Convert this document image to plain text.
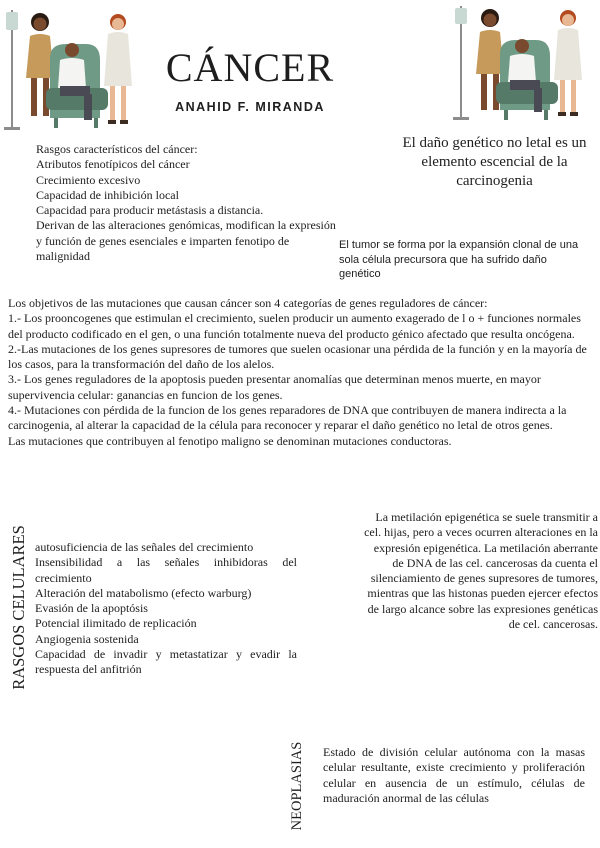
CÁNCER
ANAHID F. MIRANDA

Rasgos característicos del cáncer:

Atributos fenotípicos del cáncer

Crecimiento excesivo

Capacidad de inhibición local

Capacidad para producir metástasis a distancia.

Derivan de las alteraciones genómicas, modifican la expresión y función de genes esenciales e imparten fenotipo de malignidad

El daño genético no letal es un elemento escencial de la carcinogenia
El tumor se forma por la expansión clonal de una sola célula precursora que ha sufrido daño genético

Los objetivos de las mutaciones que causan cáncer son 4 categorías de genes reguladores de cáncer:

1.- Los prooncogenes que estimulan el crecimiento, suelen producir un aumento exagerado de l o + funciones normales del producto codificado en el gen, o una función totalmente nueva del producto génico afectado que resulta oncógena.

2.-Las mutaciones de los genes supresores de tumores que suelen ocasionar una pérdida de la función y en la mayoría de los casos, para la transformación del daño de los alelos.

3.- Los genes reguladores de la apoptosis pueden presentar anomalías que determinan menos muerte, en mayor supervivencia celular: ganancias en funcion de los genes.

4.- Mutaciones con pérdida de la funcion de los genes reparadores de DNA que contribuyen de manera indirecta a la carcinogenia, al alterar la capacidad de la célula para reconocer y reparar el daño genético no letal de otros genes.

Las mutaciones que contribuyen al fenotipo maligno se denominan mutaciones conductoras.

RASGOS CELULARES autosuficiencia de las señales del crecimiento

Insensibilidad a las señales inhibidoras del crecimiento

Alteración del matabolismo (efecto warburg)

Evasión de la apoptósis

Potencial ilimitado de replicación

Angiogenia sostenida

Capacidad de invadir y metastatizar y evadir la respuesta del anfitrión

La metilación epigenética se suele transmitir a cel. hijas, pero a veces ocurren alteraciones en la expresión epigenética. La metilación aberrante de DNA de las cel. cancerosas da cuenta el silenciamiento de genes supresores de tumores, mientras que las histonas pueden ejercer efectos de largo alcance sobre las expresiones genéticas de cel. cancerosas.
NEOPLASIAS Estado de división celular autónoma con la masas celular resultante, existe crecimiento y proliferación celular en ausencia de un estímulo, células de maduración anormal de las células
